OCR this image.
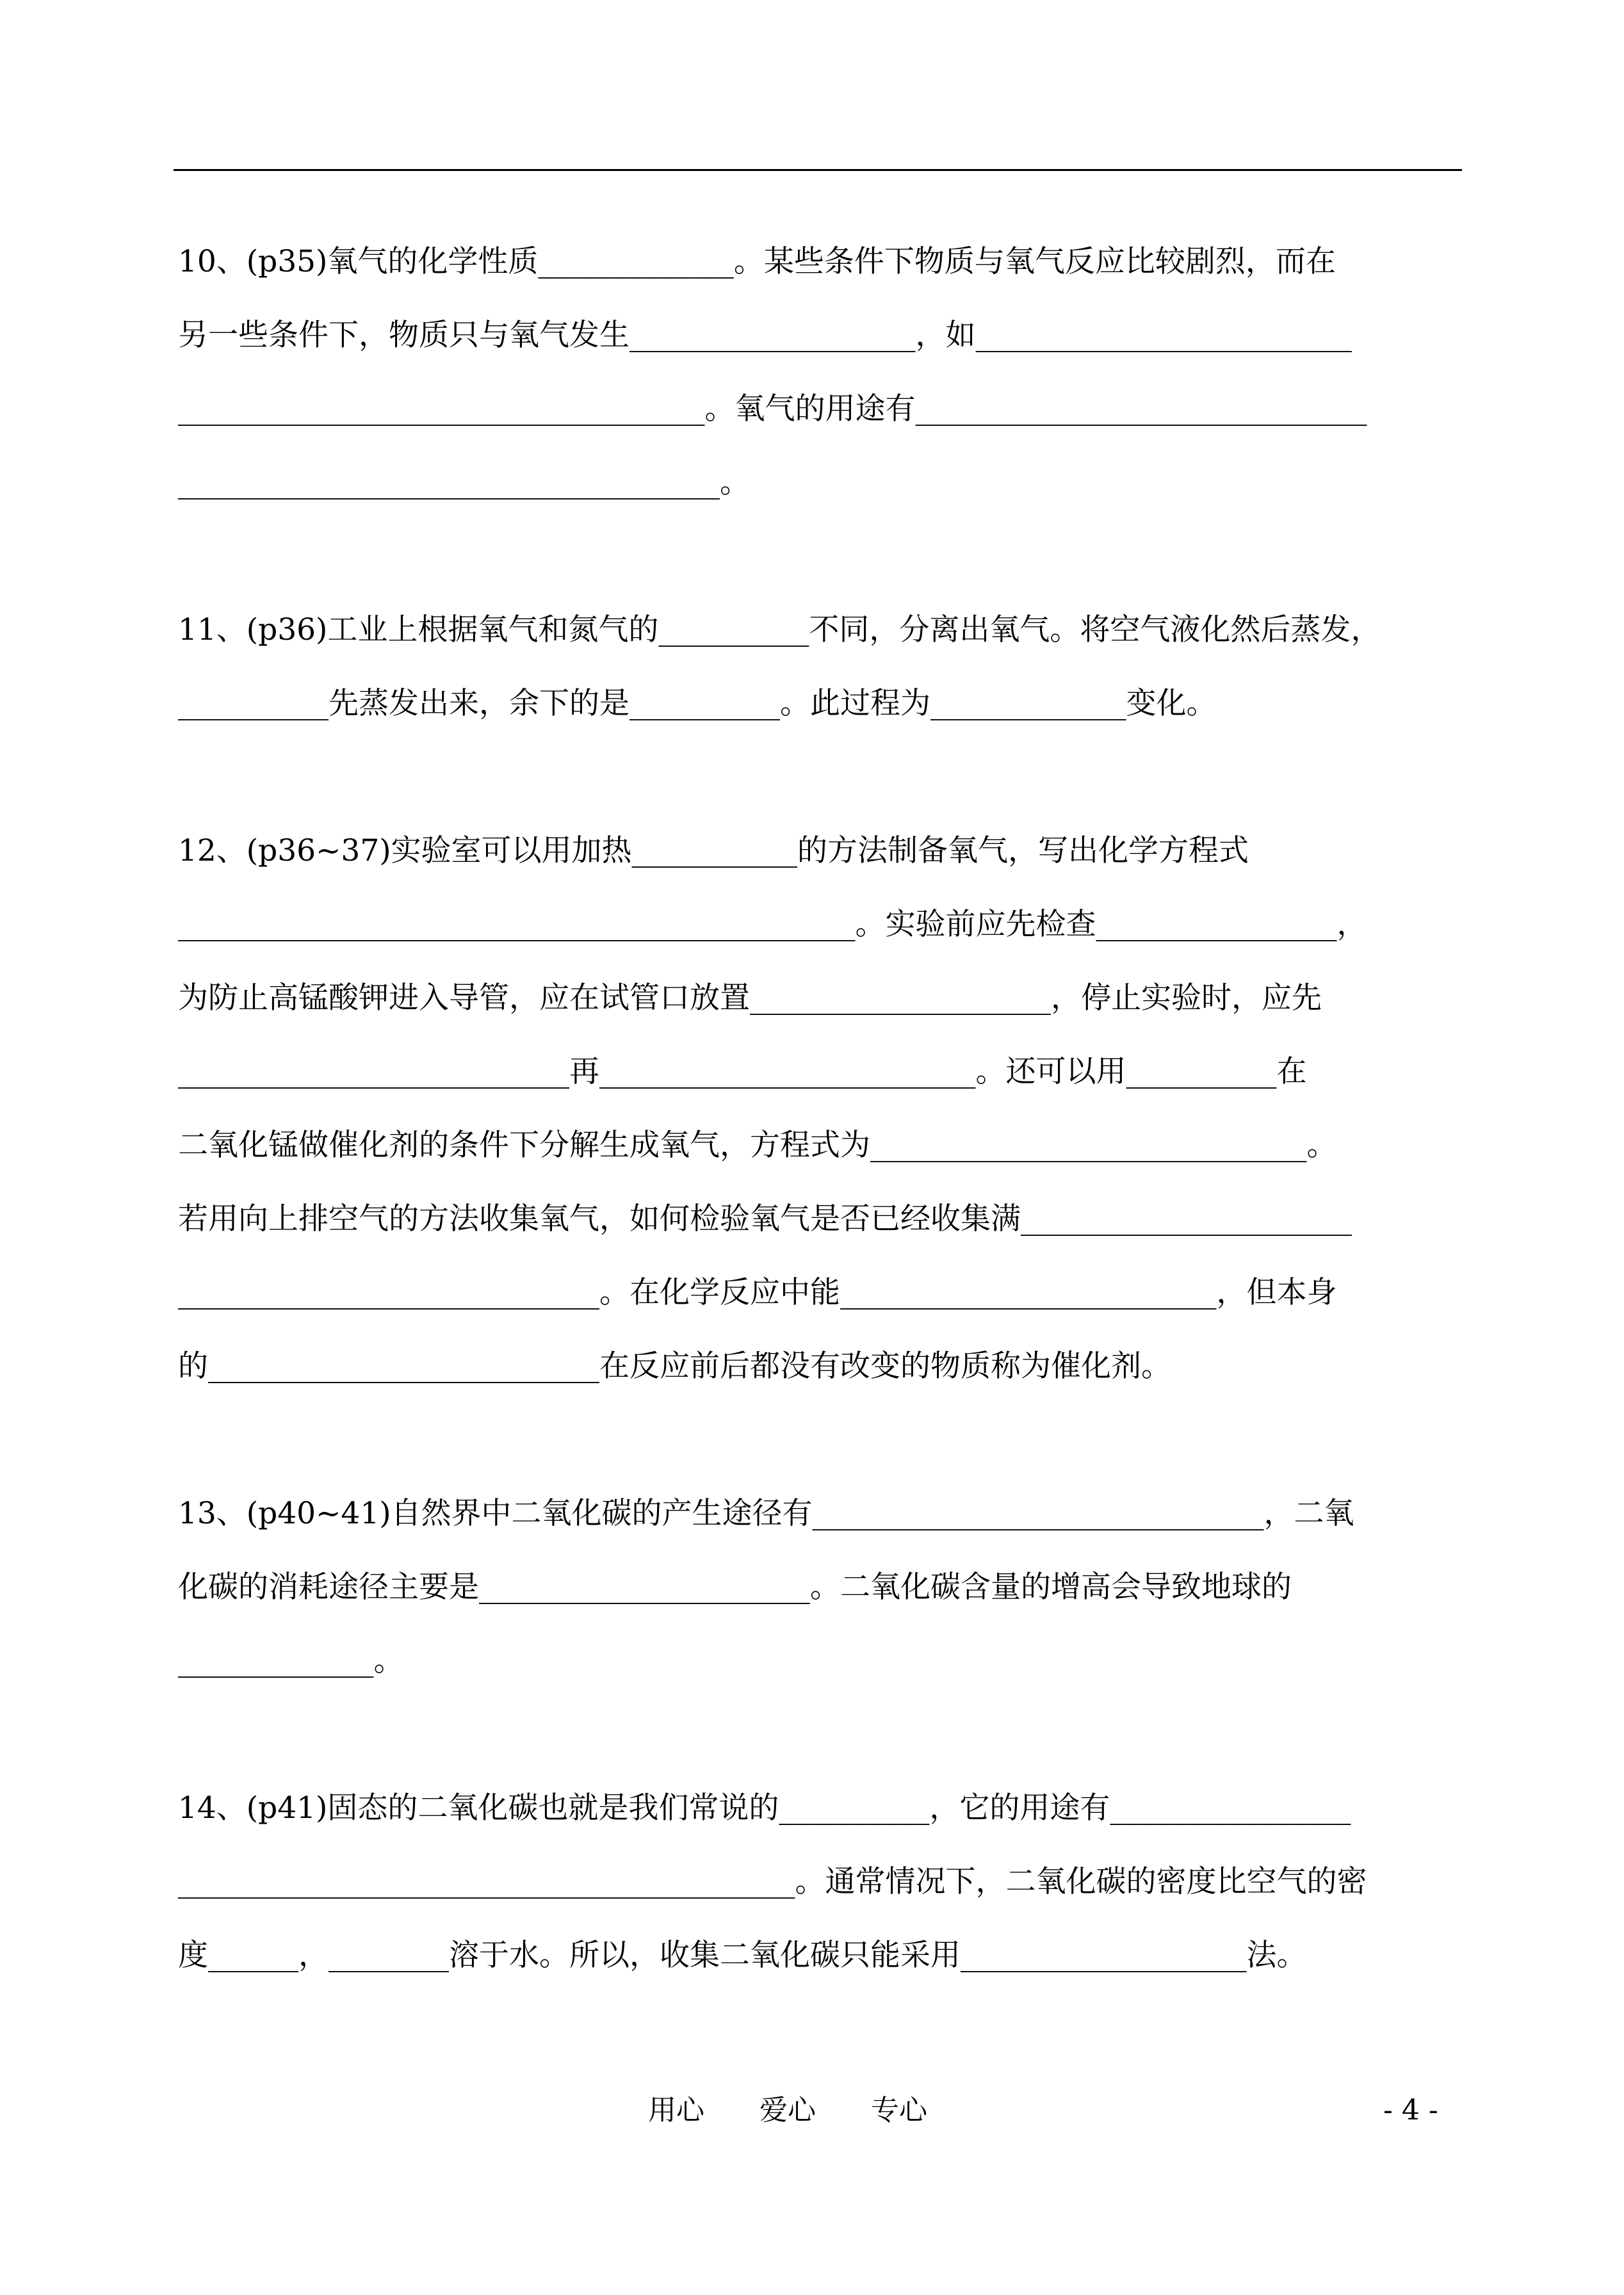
10、(p35)氧气的化学性质_____________。某些条件下物质与氧气反应比较剧烈，而在
另一些条件下，物质只与氧气发生___________________，如_________________________
___________________________________。氧气的用途有______________________________
____________________________________。
11、(p36)工业上根据氧气和氮气的__________不同，分离出氧气。将空气液化然后蒸发，
__________先蒸发出来，余下的是__________。此过程为_____________变化。
12、(p36~37)实验室可以用加热___________的方法制备氧气，写出化学方程式
_____________________________________________。实验前应先检查________________，
为防止高锰酸钾进入导管，应在试管口放置____________________，停止实验时，应先
__________________________再_________________________。还可以用__________在
二氧化锰做催化剂的条件下分解生成氧气，方程式为_____________________________。
若用向上排空气的方法收集氧气，如何检验氧气是否已经收集满______________________
____________________________。在化学反应中能_________________________，但本身
的__________________________在反应前后都没有改变的物质称为催化剂。
13、(p40~41)自然界中二氧化碳的产生途径有______________________________，二氧
化碳的消耗途径主要是______________________。二氧化碳含量的增高会导致地球的
_____________。
14、(p41)固态的二氧化碳也就是我们常说的__________，它的用途有________________
_________________________________________。通常情况下，二氧化碳的密度比空气的密
度______，________溶于水。所以，收集二氧化碳只能采用___________________法。
用心 爱心 专心	- 4 -
